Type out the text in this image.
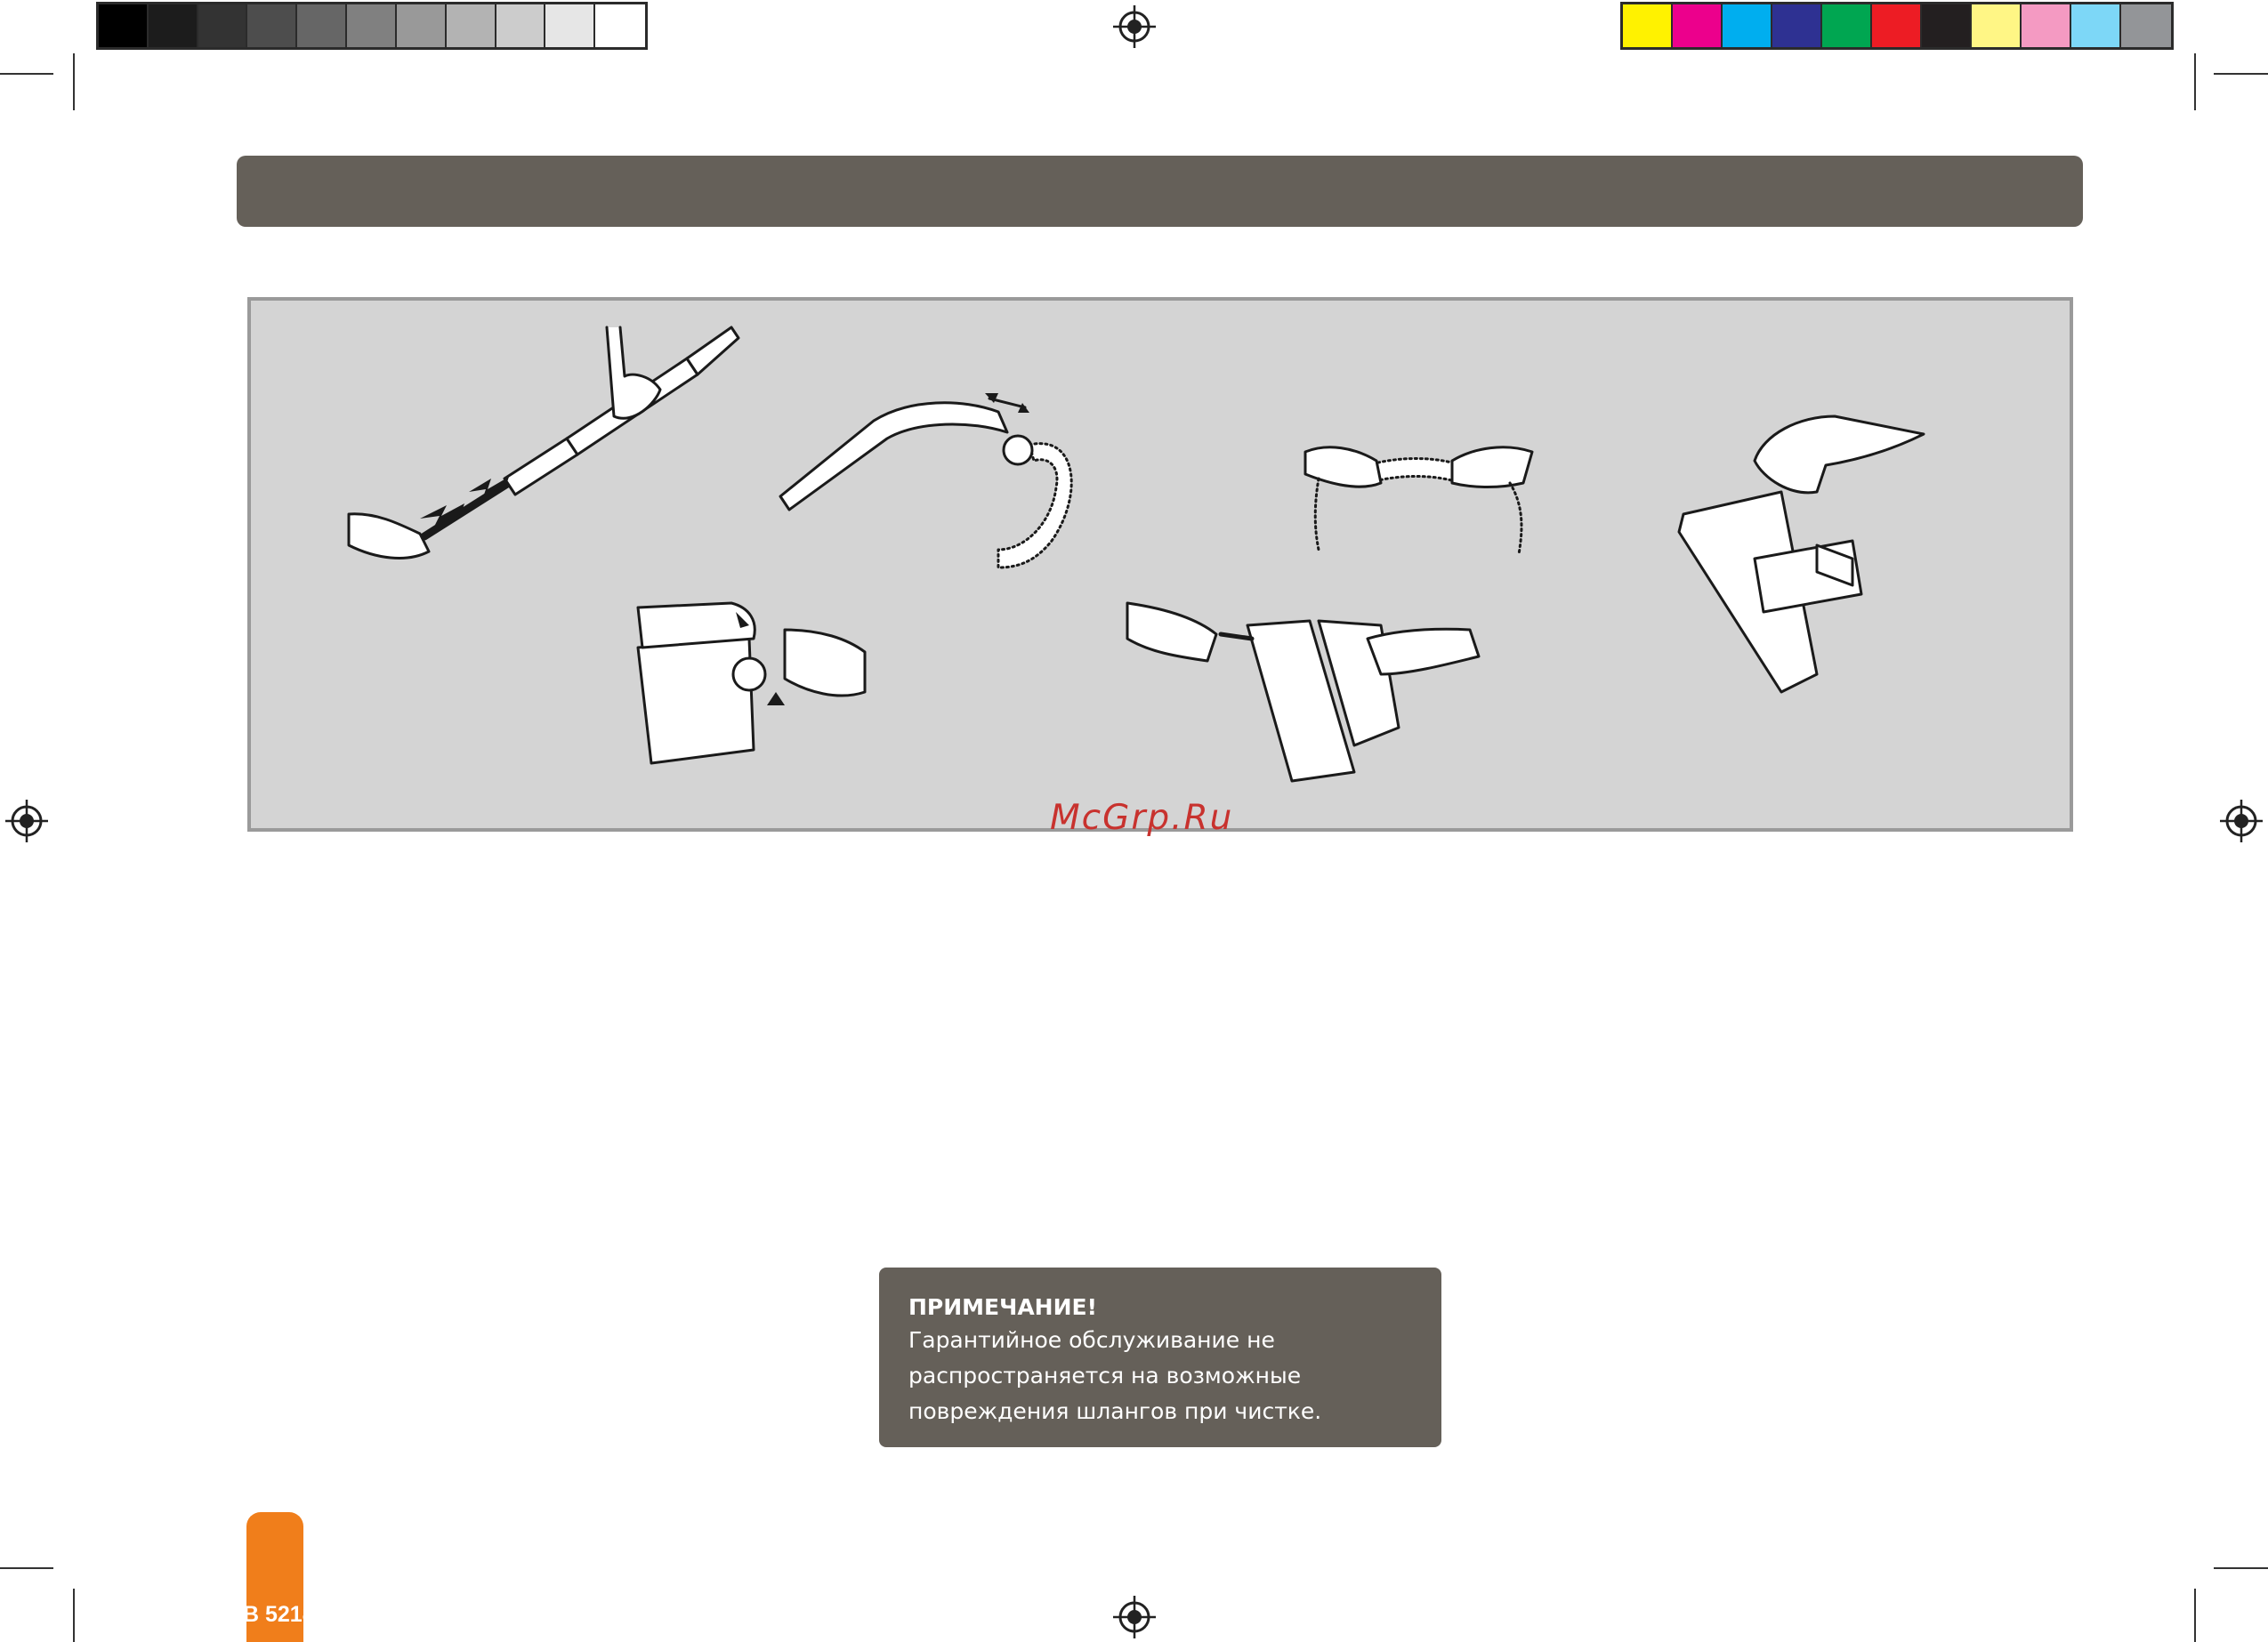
McGrp.Ru
ПРИМЕЧАНИЕ!
Гарантийное обслуживание не
распространяется на возможные
повреждения шлангов при чистке.
B 5218
